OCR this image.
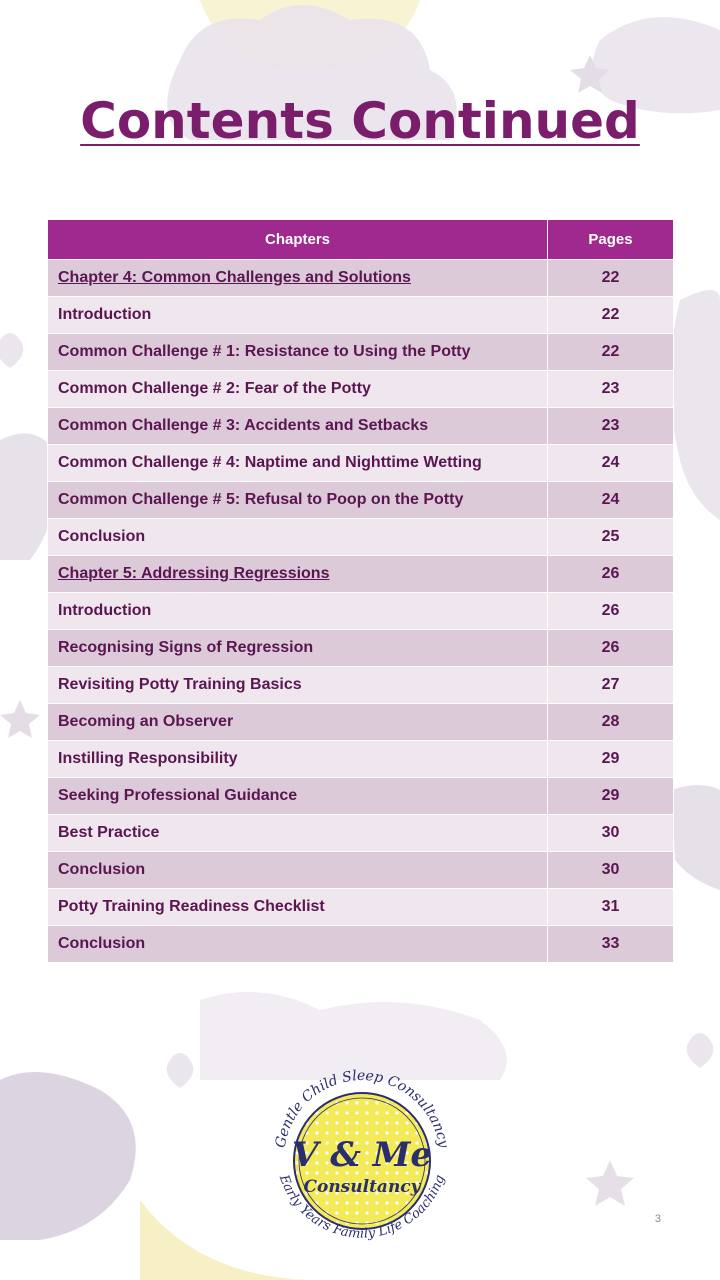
Contents Continued
Chapters	Pages
Chapter 4: Common Challenges and Solutions	22
Introduction	22
Common Challenge # 1: Resistance to Using the Potty	22
Common Challenge # 2: Fear of the Potty	23
Common Challenge # 3: Accidents and Setbacks	23
Common Challenge # 4: Naptime and Nighttime Wetting	24
Common Challenge # 5: Refusal to Poop on the Potty	24
Conclusion	25
Chapter 5: Addressing Regressions	26
Introduction	26
Recognising Signs of Regression	26
Revisiting Potty Training Basics	27
Becoming an Observer	28
Instilling Responsibility	29
Seeking Professional Guidance	29
Best Practice	30
Conclusion	30
Potty Training Readiness Checklist	31
Conclusion	33
Gentle Child Sleep Consultancy
V & Me
Consultancy
Early Years Family Life Coaching
3
